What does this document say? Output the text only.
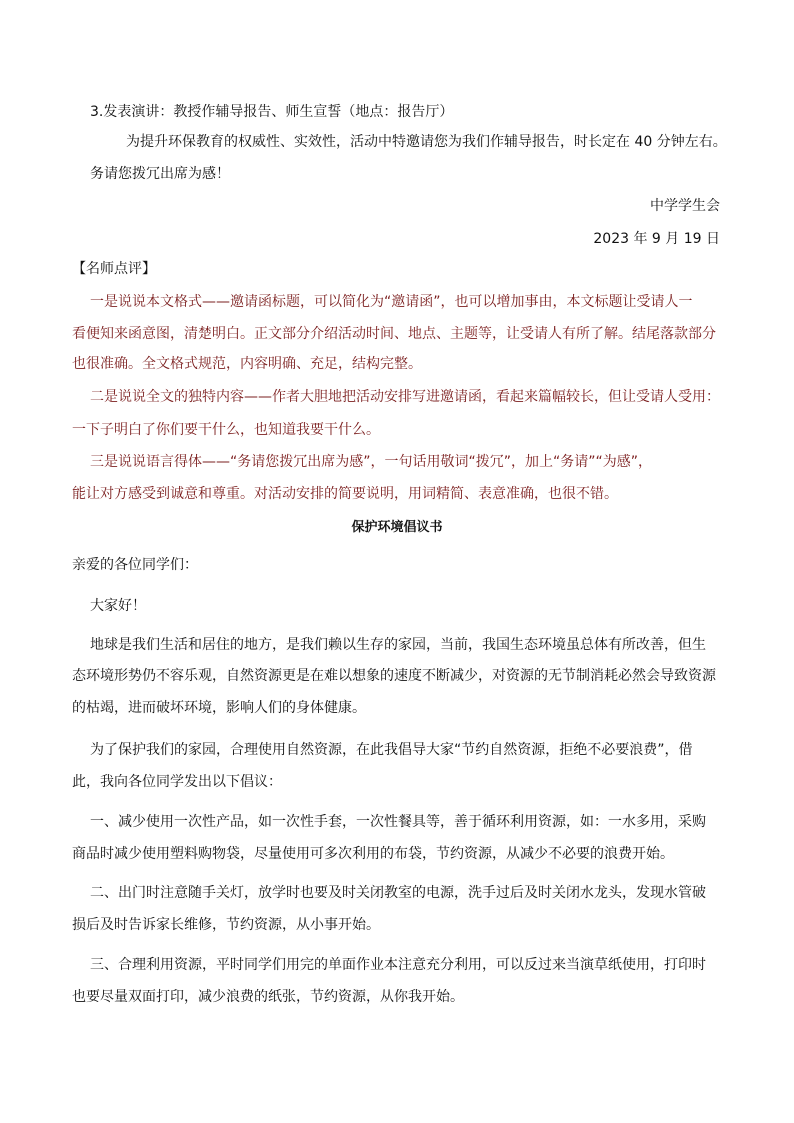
3.发表演讲：教授作辅导报告、师生宣誓（地点：报告厅）

为提升环保教育的权威性、实效性，活动中特邀请您为我们作辅导报告，时长定在 40 分钟左右。

务请您拨冗出席为感！

中学学生会

2023 年 9 月 19 日

【名师点评】

一是说说本文格式——邀请函标题，可以简化为“邀请函”，也可以增加事由，本文标题让受请人一

看便知来函意图，清楚明白。正文部分介绍活动时间、地点、主题等，让受请人有所了解。结尾落款部分

也很准确。全文格式规范，内容明确、充足，结构完整。

二是说说全文的独特内容——作者大胆地把活动安排写进邀请函，看起来篇幅较长，但让受请人受用：

一下子明白了你们要干什么，也知道我要干什么。

三是说说语言得体——“务请您拨冗出席为感”，一句话用敬词“拨冗”，加上“务请”“为感”，

能让对方感受到诚意和尊重。对活动安排的简要说明，用词精简、表意准确，也很不错。

保护环境倡议书

亲爱的各位同学们：

大家好！

地球是我们生活和居住的地方，是我们赖以生存的家园，当前，我国生态环境虽总体有所改善，但生

态环境形势仍不容乐观，自然资源更是在难以想象的速度不断减少，对资源的无节制消耗必然会导致资源

的枯竭，进而破坏环境，影响人们的身体健康。

为了保护我们的家园，合理使用自然资源，在此我倡导大家“节约自然资源，拒绝不必要浪费”，借

此，我向各位同学发出以下倡议：

一、减少使用一次性产品，如一次性手套，一次性餐具等，善于循环利用资源，如：一水多用，采购

商品时减少使用塑料购物袋，尽量使用可多次利用的布袋，节约资源，从减少不必要的浪费开始。

二、出门时注意随手关灯，放学时也要及时关闭教室的电源，洗手过后及时关闭水龙头，发现水管破

损后及时告诉家长维修，节约资源，从小事开始。

三、合理利用资源，平时同学们用完的单面作业本注意充分利用，可以反过来当演草纸使用，打印时

也要尽量双面打印，减少浪费的纸张，节约资源，从你我开始。
